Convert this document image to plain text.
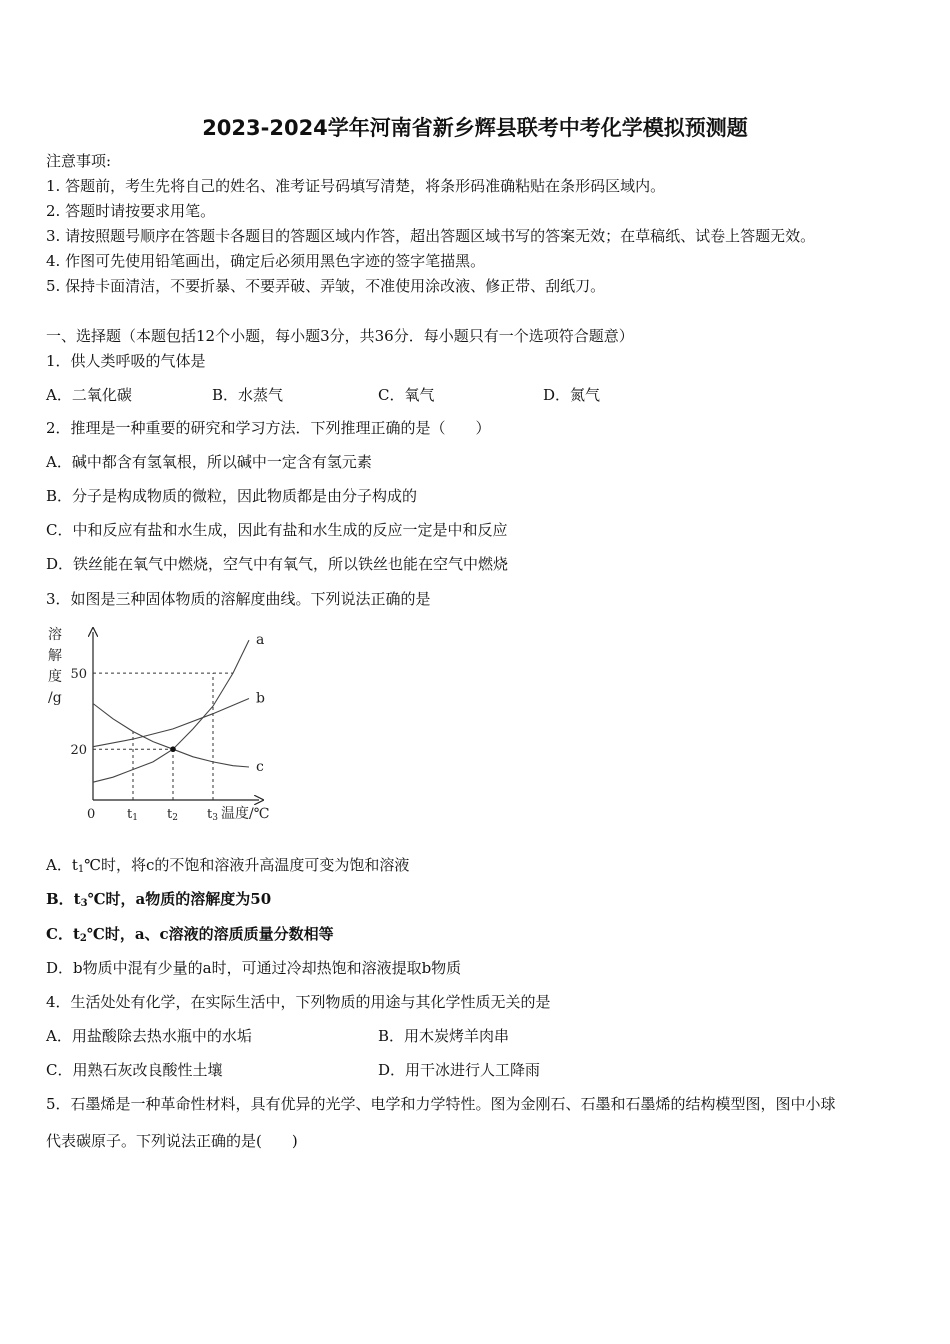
2023-2024学年河南省新乡辉县联考中考化学模拟预测题
注意事项:
1. 答题前，考生先将自己的姓名、准考证号码填写清楚，将条形码准确粘贴在条形码区域内。
2. 答题时请按要求用笔。
3. 请按照题号顺序在答题卡各题目的答题区域内作答，超出答题区域书写的答案无效；在草稿纸、试卷上答题无效。
4. 作图可先使用铅笔画出，确定后必须用黑色字迹的签字笔描黑。
5. 保持卡面清洁，不要折暴、不要弄破、弄皱，不准使用涂改液、修正带、刮纸刀。
一、选择题（本题包括12个小题，每小题3分，共36分．每小题只有一个选项符合题意）
1．供人类呼吸的气体是
A．二氧化碳	B．水蒸气	C．氧气	D．氮气
2．推理是一种重要的研究和学习方法．下列推理正确的是（　　）
A．碱中都含有氢氧根，所以碱中一定含有氢元素
B．分子是构成物质的微粒，因此物质都是由分子构成的
C．中和反应有盐和水生成，因此有盐和水生成的反应一定是中和反应
D．铁丝能在氧气中燃烧，空气中有氧气，所以铁丝也能在空气中燃烧
3．如图是三种固体物质的溶解度曲线。下列说法正确的是
a
b
c
50
20
0 t1 t2 t3 温度/℃
溶
解
度
/g
A．$t_1℃$时，将c的不饱和溶液升高温度可变为饱和溶液
B．$t_3℃$时，a物质的溶解度为50
C．$t_2℃$时，a、c溶液的溶质质量分数相等
D．b物质中混有少量的a时，可通过冷却热饱和溶液提取b物质
4．生活处处有化学，在实际生活中，下列物质的用途与其化学性质无关的是
A．用盐酸除去热水瓶中的水垢	B．用木炭烤羊肉串
C．用熟石灰改良酸性土壤	D．用干冰进行人工降雨
5．石墨烯是一种革命性材料，具有优异的光学、电学和力学特性。图为金刚石、石墨和石墨烯的结构模型图，图中小球
代表碳原子。下列说法正确的是(　　)
